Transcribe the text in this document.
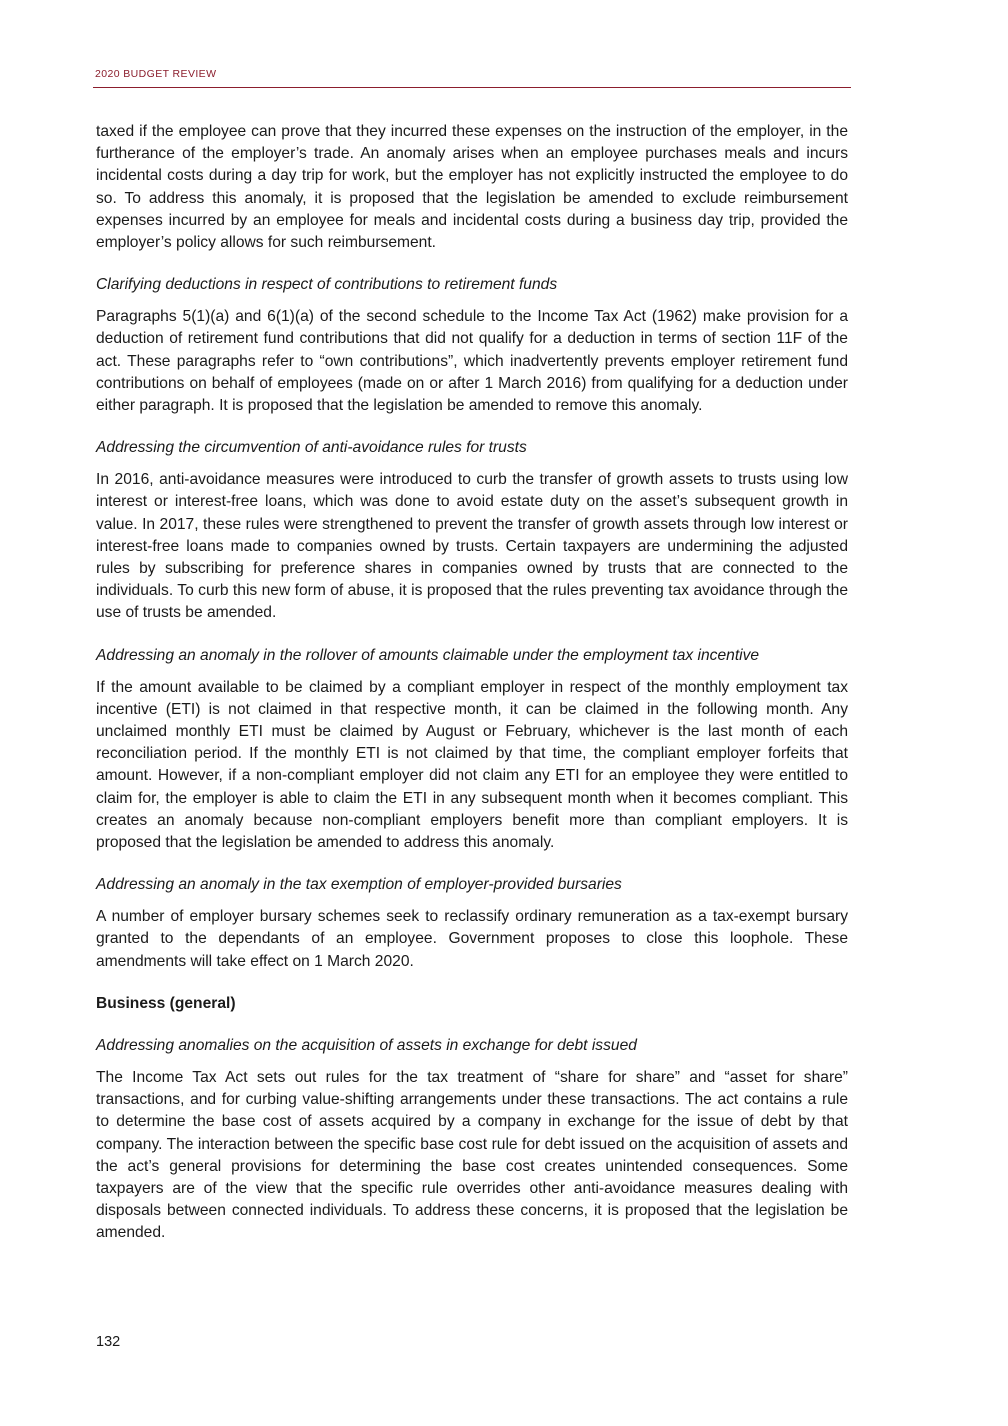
2020 BUDGET REVIEW

taxed if the employee can prove that they incurred these expenses on the instruction of the employer, in the furtherance of the employer’s trade. An anomaly arises when an employee purchases meals and incurs incidental costs during a day trip for work, but the employer has not explicitly instructed the employee to do so. To address this anomaly, it is proposed that the legislation be amended to exclude reimbursement expenses incurred by an employee for meals and incidental costs during a business day trip, provided the employer’s policy allows for such reimbursement.

Clarifying deductions in respect of contributions to retirement funds

Paragraphs 5(1)(a) and 6(1)(a) of the second schedule to the Income Tax Act (1962) make provision for a deduction of retirement fund contributions that did not qualify for a deduction in terms of section 11F of the act. These paragraphs refer to “own contributions”, which inadvertently prevents employer retirement fund contributions on behalf of employees (made on or after 1 March 2016) from qualifying for a deduction under either paragraph. It is proposed that the legislation be amended to remove this anomaly.

Addressing the circumvention of anti-avoidance rules for trusts

In 2016, anti-avoidance measures were introduced to curb the transfer of growth assets to trusts using low interest or interest-free loans, which was done to avoid estate duty on the asset’s subsequent growth in value. In 2017, these rules were strengthened to prevent the transfer of growth assets through low interest or interest-free loans made to companies owned by trusts. Certain taxpayers are undermining the adjusted rules by subscribing for preference shares in companies owned by trusts that are connected to the individuals. To curb this new form of abuse, it is proposed that the rules preventing tax avoidance through the use of trusts be amended.

Addressing an anomaly in the rollover of amounts claimable under the employment tax incentive

If the amount available to be claimed by a compliant employer in respect of the monthly employment tax incentive (ETI) is not claimed in that respective month, it can be claimed in the following month. Any unclaimed monthly ETI must be claimed by August or February, whichever is the last month of each reconciliation period. If the monthly ETI is not claimed by that time, the compliant employer forfeits that amount. However, if a non-compliant employer did not claim any ETI for an employee they were entitled to claim for, the employer is able to claim the ETI in any subsequent month when it becomes compliant. This creates an anomaly because non-compliant employers benefit more than compliant employers. It is proposed that the legislation be amended to address this anomaly.

Addressing an anomaly in the tax exemption of employer-provided bursaries

A number of employer bursary schemes seek to reclassify ordinary remuneration as a tax-exempt bursary granted to the dependants of an employee. Government proposes to close this loophole. These amendments will take effect on 1 March 2020.

Business (general)

Addressing anomalies on the acquisition of assets in exchange for debt issued

The Income Tax Act sets out rules for the tax treatment of “share for share” and “asset for share” transactions, and for curbing value-shifting arrangements under these transactions. The act contains a rule to determine the base cost of assets acquired by a company in exchange for the issue of debt by that company. The interaction between the specific base cost rule for debt issued on the acquisition of assets and the act’s general provisions for determining the base cost creates unintended consequences. Some taxpayers are of the view that the specific rule overrides other anti-avoidance measures dealing with disposals between connected individuals. To address these concerns, it is proposed that the legislation be amended.

132
